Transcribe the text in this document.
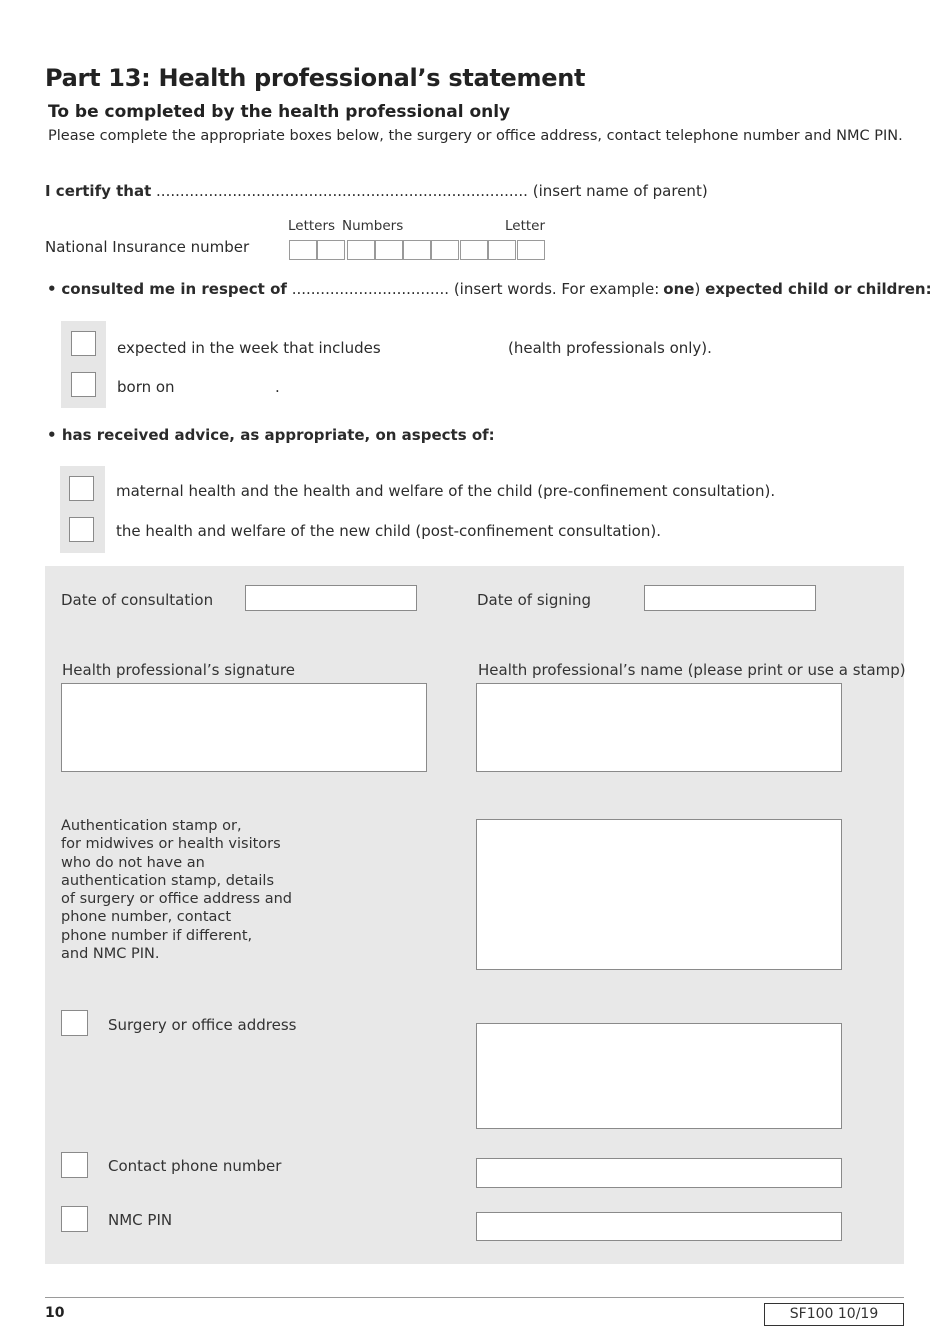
Part 13: Health professional’s statement
To be completed by the health professional only
Please complete the appropriate boxes below, the surgery or office address, contact telephone number and NMC PIN.
I certify that .............................................................................. (insert name of parent)
Letters Numbers	Letter
National Insurance number
• consulted me in respect of ................................. (insert words. For example: one) expected child or children:
expected in the week that includes	(health professionals only).
born on	.
• has received advice, as appropriate, on aspects of:
maternal health and the health and welfare of the child (pre-confinement consultation).
the health and welfare of the new child (post-confinement consultation).
Date of consultation	Date of signing
Health professional’s signature	Health professional’s name (please print or use a stamp)
Authentication stamp or,
for midwives or health visitors
who do not have an
authentication stamp, details
of surgery or office address and
phone number, contact
phone number if different,
and NMC PIN.
Surgery or office address
Contact phone number
NMC PIN
10	SF100 10/19
